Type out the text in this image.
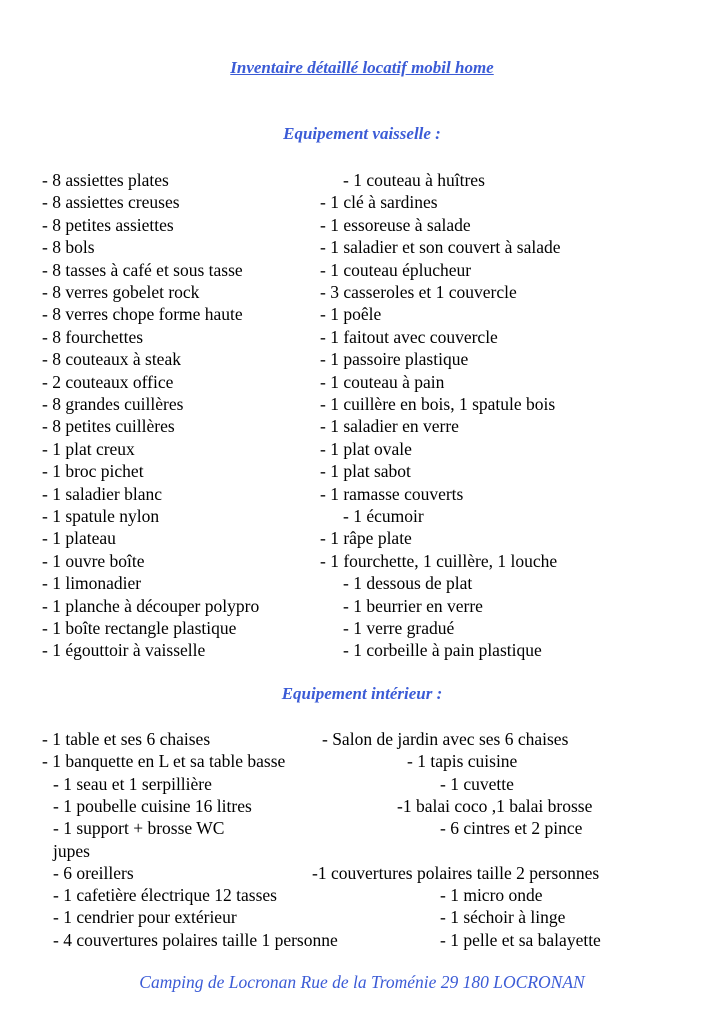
Inventaire détaillé locatif mobil home
Equipement vaisselle :
- 8 assiettes plates
- 8 assiettes creuses
- 8 petites assiettes
- 8 bols
- 8 tasses à café et sous tasse
- 8 verres gobelet rock
- 8 verres chope forme haute
- 8 fourchettes
- 8 couteaux à steak
- 2 couteaux office
- 8 grandes cuillères
- 8 petites cuillères
- 1 plat creux
- 1 broc pichet
- 1 saladier blanc
- 1 spatule nylon
- 1 plateau
- 1 ouvre boîte
- 1 limonadier
- 1 planche à découper polypro
- 1 boîte rectangle plastique
- 1 égouttoir à vaisselle
- 1 couteau à huîtres
- 1 clé à sardines
- 1 essoreuse à salade
- 1 saladier et son couvert à salade
- 1 couteau éplucheur
- 3 casseroles et 1 couvercle
- 1 poêle
- 1 faitout avec couvercle
- 1 passoire plastique
- 1 couteau à pain
- 1 cuillère en bois, 1 spatule bois
- 1 saladier en verre
- 1 plat ovale
- 1 plat sabot
- 1 ramasse couverts
- 1 écumoir
- 1 râpe plate
- 1 fourchette, 1 cuillère, 1 louche
- 1 dessous de plat
- 1 beurrier en verre
- 1 verre gradué
- 1 corbeille à pain plastique
Equipement intérieur :
- 1 table et ses 6 chaises
- 1 banquette en L et sa table basse
- 1 seau et 1 serpillière
- 1 poubelle cuisine 16 litres
- 1 support + brosse WC
jupes
- 6 oreillers
- 1 cafetière électrique 12 tasses
- 1 cendrier pour extérieur
- 4 couvertures polaires taille 1 personne
- Salon de jardin avec ses 6 chaises
- 1 tapis cuisine
- 1 cuvette
-1 balai coco ,1 balai brosse
- 6 cintres et 2 pince
-1 couvertures polaires taille 2 personnes
- 1 micro onde
- 1 séchoir à linge
- 1 pelle et sa balayette
Camping de Locronan Rue de la Troménie 29 180 LOCRONAN
